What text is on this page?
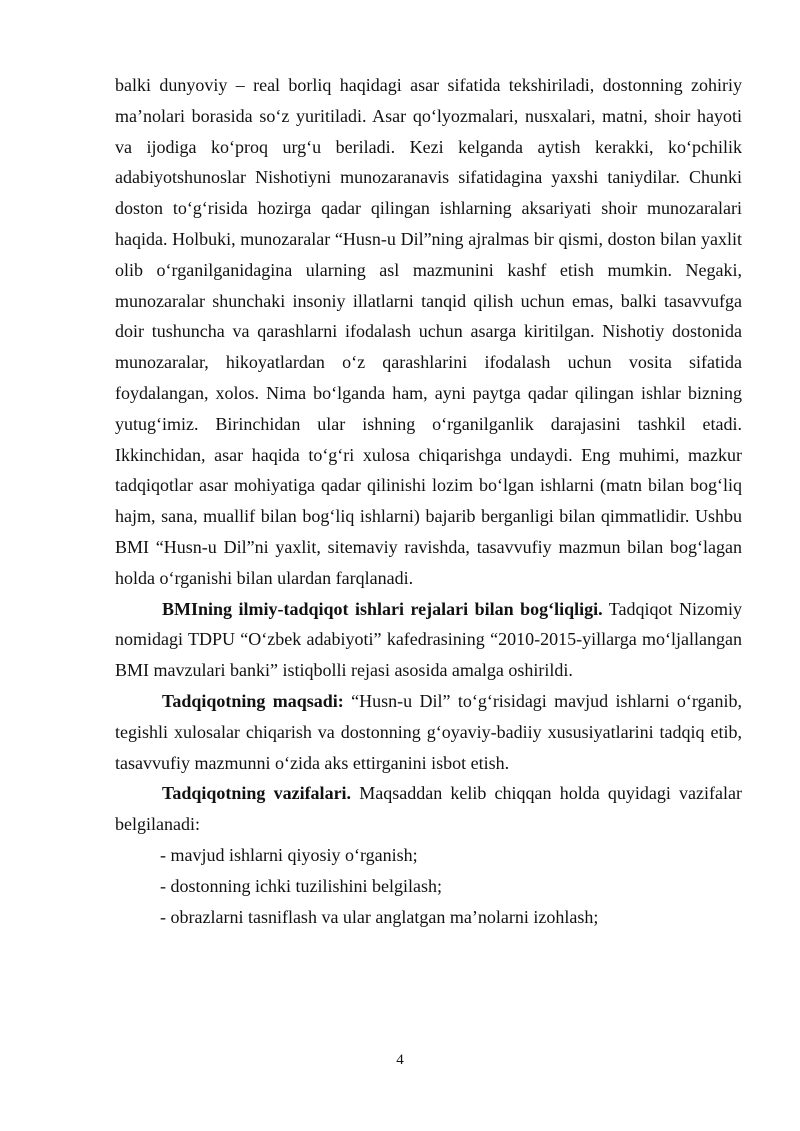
balki dunyoviy – real borliq haqidagi asar sifatida tekshiriladi, dostonning zohiriy ma’nolari borasida so‘z yuritiladi. Asar qo‘lyozmalari, nusxalari, matni, shoir hayoti va ijodiga ko‘proq urg‘u beriladi. Kezi kelganda aytish kerakki, ko‘pchilik adabiyotshunoslar Nishotiyni munozaranavis sifatidagina yaxshi taniydilar. Chunki doston to‘g‘risida hozirga qadar qilingan ishlarning aksariyati shoir munozaralari haqida. Holbuki, munozaralar “Husn-u Dil”ning ajralmas bir qismi, doston bilan yaxlit olib o‘rganilganidagina ularning asl mazmunini kashf etish mumkin. Negaki, munozaralar shunchaki insoniy illatlarni tanqid qilish uchun emas, balki tasavvufga doir tushuncha va qarashlarni ifodalash uchun asarga kiritilgan. Nishotiy dostonida munozaralar, hikoyatlardan o‘z qarashlarini ifodalash uchun vosita sifatida foydalangan, xolos. Nima bo‘lganda ham, ayni paytga qadar qilingan ishlar bizning yutug‘imiz. Birinchidan ular ishning o‘rganilganlik darajasini tashkil etadi. Ikkinchidan, asar haqida to‘g‘ri xulosa chiqarishga undaydi. Eng muhimi, mazkur tadqiqotlar asar mohiyatiga qadar qilinishi lozim bo‘lgan ishlarni (matn bilan bog‘liq hajm, sana, muallif bilan bog‘liq ishlarni) bajarib berganligi bilan qimmatlidir. Ushbu BMI “Husn-u Dil”ni yaxlit, sitemaviy ravishda, tasavvufiy mazmun bilan bog‘lagan holda o‘rganishi bilan ulardan farqlanadi.

BMIning ilmiy-tadqiqot ishlari rejalari bilan bog‘liqligi. Tadqiqot Nizomiy nomidagi TDPU “O‘zbek adabiyoti” kafedrasining “2010-2015-yillarga mo‘ljallangan BMI mavzulari banki” istiqbolli rejasi asosida amalga oshirildi.

Tadqiqotning maqsadi: “Husn-u Dil” to‘g‘risidagi mavjud ishlarni o‘rganib, tegishli xulosalar chiqarish va dostonning g‘oyaviy-badiiy xususiyatlarini tadqiq etib, tasavvufiy mazmunni o‘zida aks ettirganini isbot etish.

Tadqiqotning vazifalari. Maqsaddan kelib chiqqan holda quyidagi vazifalar belgilanadi:

- mavjud ishlarni qiyosiy o‘rganish;

- dostonning ichki tuzilishini belgilash;

- obrazlarni tasniflash va ular anglatgan ma’nolarni izohlash;

4
